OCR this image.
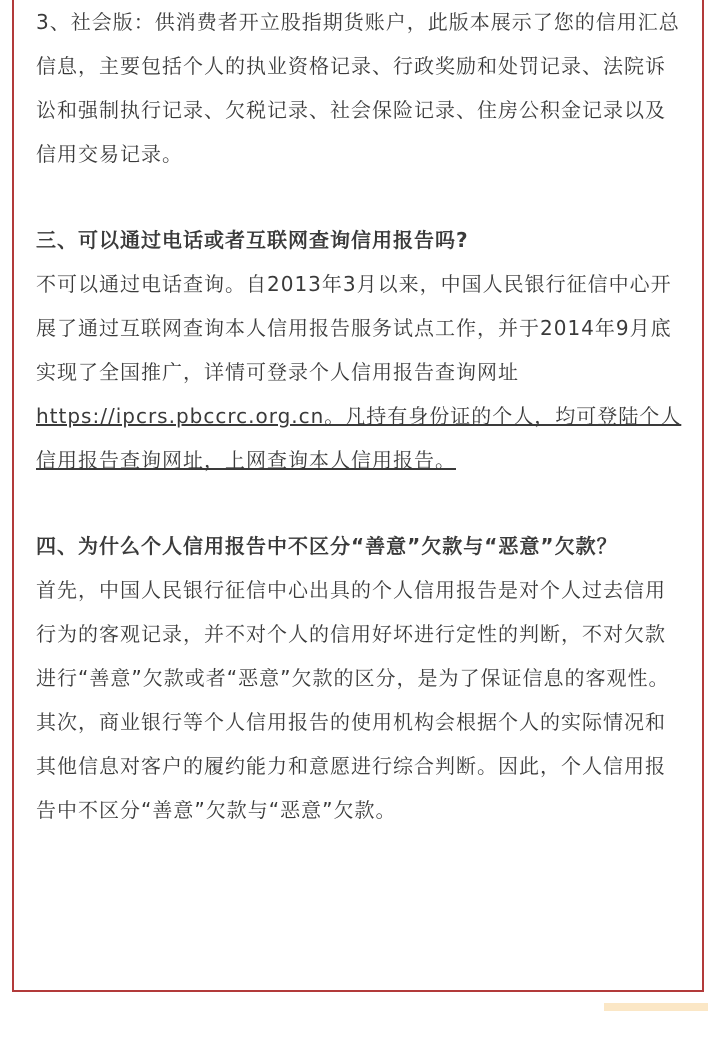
3、社会版：供消费者开立股指期货账户，此版本展示了您的信用汇总信息，主要包括个人的执业资格记录、行政奖励和处罚记录、法院诉讼和强制执行记录、欠税记录、社会保险记录、住房公积金记录以及信用交易记录。

三、可以通过电话或者互联网查询信用报告吗?

不可以通过电话查询。自2013年3月以来，中国人民银行征信中心开展了通过互联网查询本人信用报告服务试点工作，并于2014年9月底实现了全国推广，详情可登录个人信用报告查询网址https://ipcrs.pbccrc.org.cn。凡持有身份证的个人，均可登陆个人信用报告查询网址，上网查询本人信用报告。

四、为什么个人信用报告中不区分“善意”欠款与“恶意”欠款？

首先，中国人民银行征信中心出具的个人信用报告是对个人过去信用行为的客观记录，并不对个人的信用好坏进行定性的判断，不对欠款进行“善意”欠款或者“恶意”欠款的区分，是为了保证信息的客观性。其次，商业银行等个人信用报告的使用机构会根据个人的实际情况和其他信息对客户的履约能力和意愿进行综合判断。因此，个人信用报告中不区分“善意”欠款与“恶意”欠款。
